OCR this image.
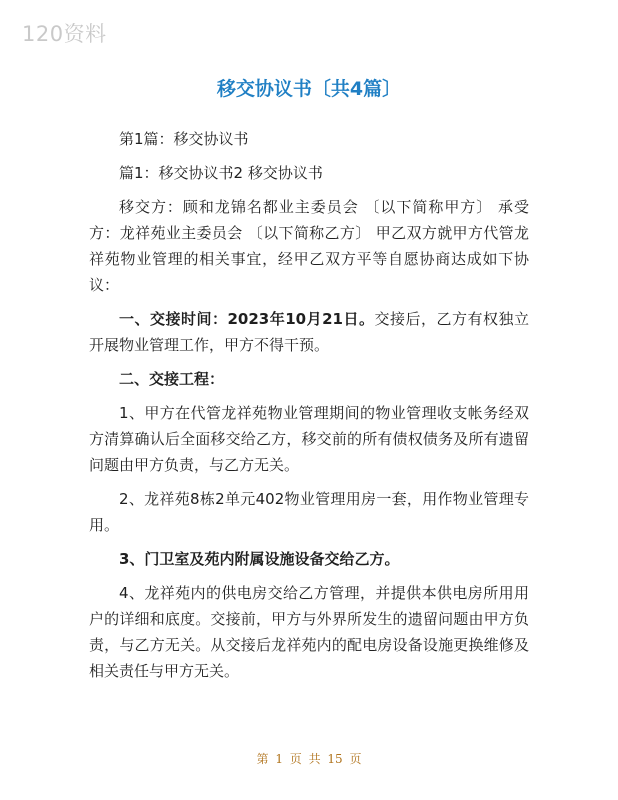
120资料
移交协议书〔共4篇〕

第1篇：移交协议书

篇1：移交协议书2 移交协议书

移交方：顾和龙锦名都业主委员会 〔以下简称甲方〕 承受方：龙祥苑业主委员会 〔以下简称乙方〕 甲乙双方就甲方代管龙祥苑物业管理的相关事宜，经甲乙双方平等自愿协商达成如下协议：

一、交接时间：2023年10月21日。交接后，乙方有权独立开展物业管理工作，甲方不得干预。

二、交接工程：

1、甲方在代管龙祥苑物业管理期间的物业管理收支帐务经双方清算确认后全面移交给乙方，移交前的所有债权债务及所有遗留问题由甲方负责，与乙方无关。

2、龙祥苑8栋2单元402物业管理用房一套，用作物业管理专用。

3、门卫室及苑内附属设施设备交给乙方。

4、龙祥苑内的供电房交给乙方管理，并提供本供电房所用用户的详细和底度。交接前，甲方与外界所发生的遗留问题由甲方负责，与乙方无关。从交接后龙祥苑内的配电房设备设施更换维修及相关责任与甲方无关。

第 1 页 共 15 页
